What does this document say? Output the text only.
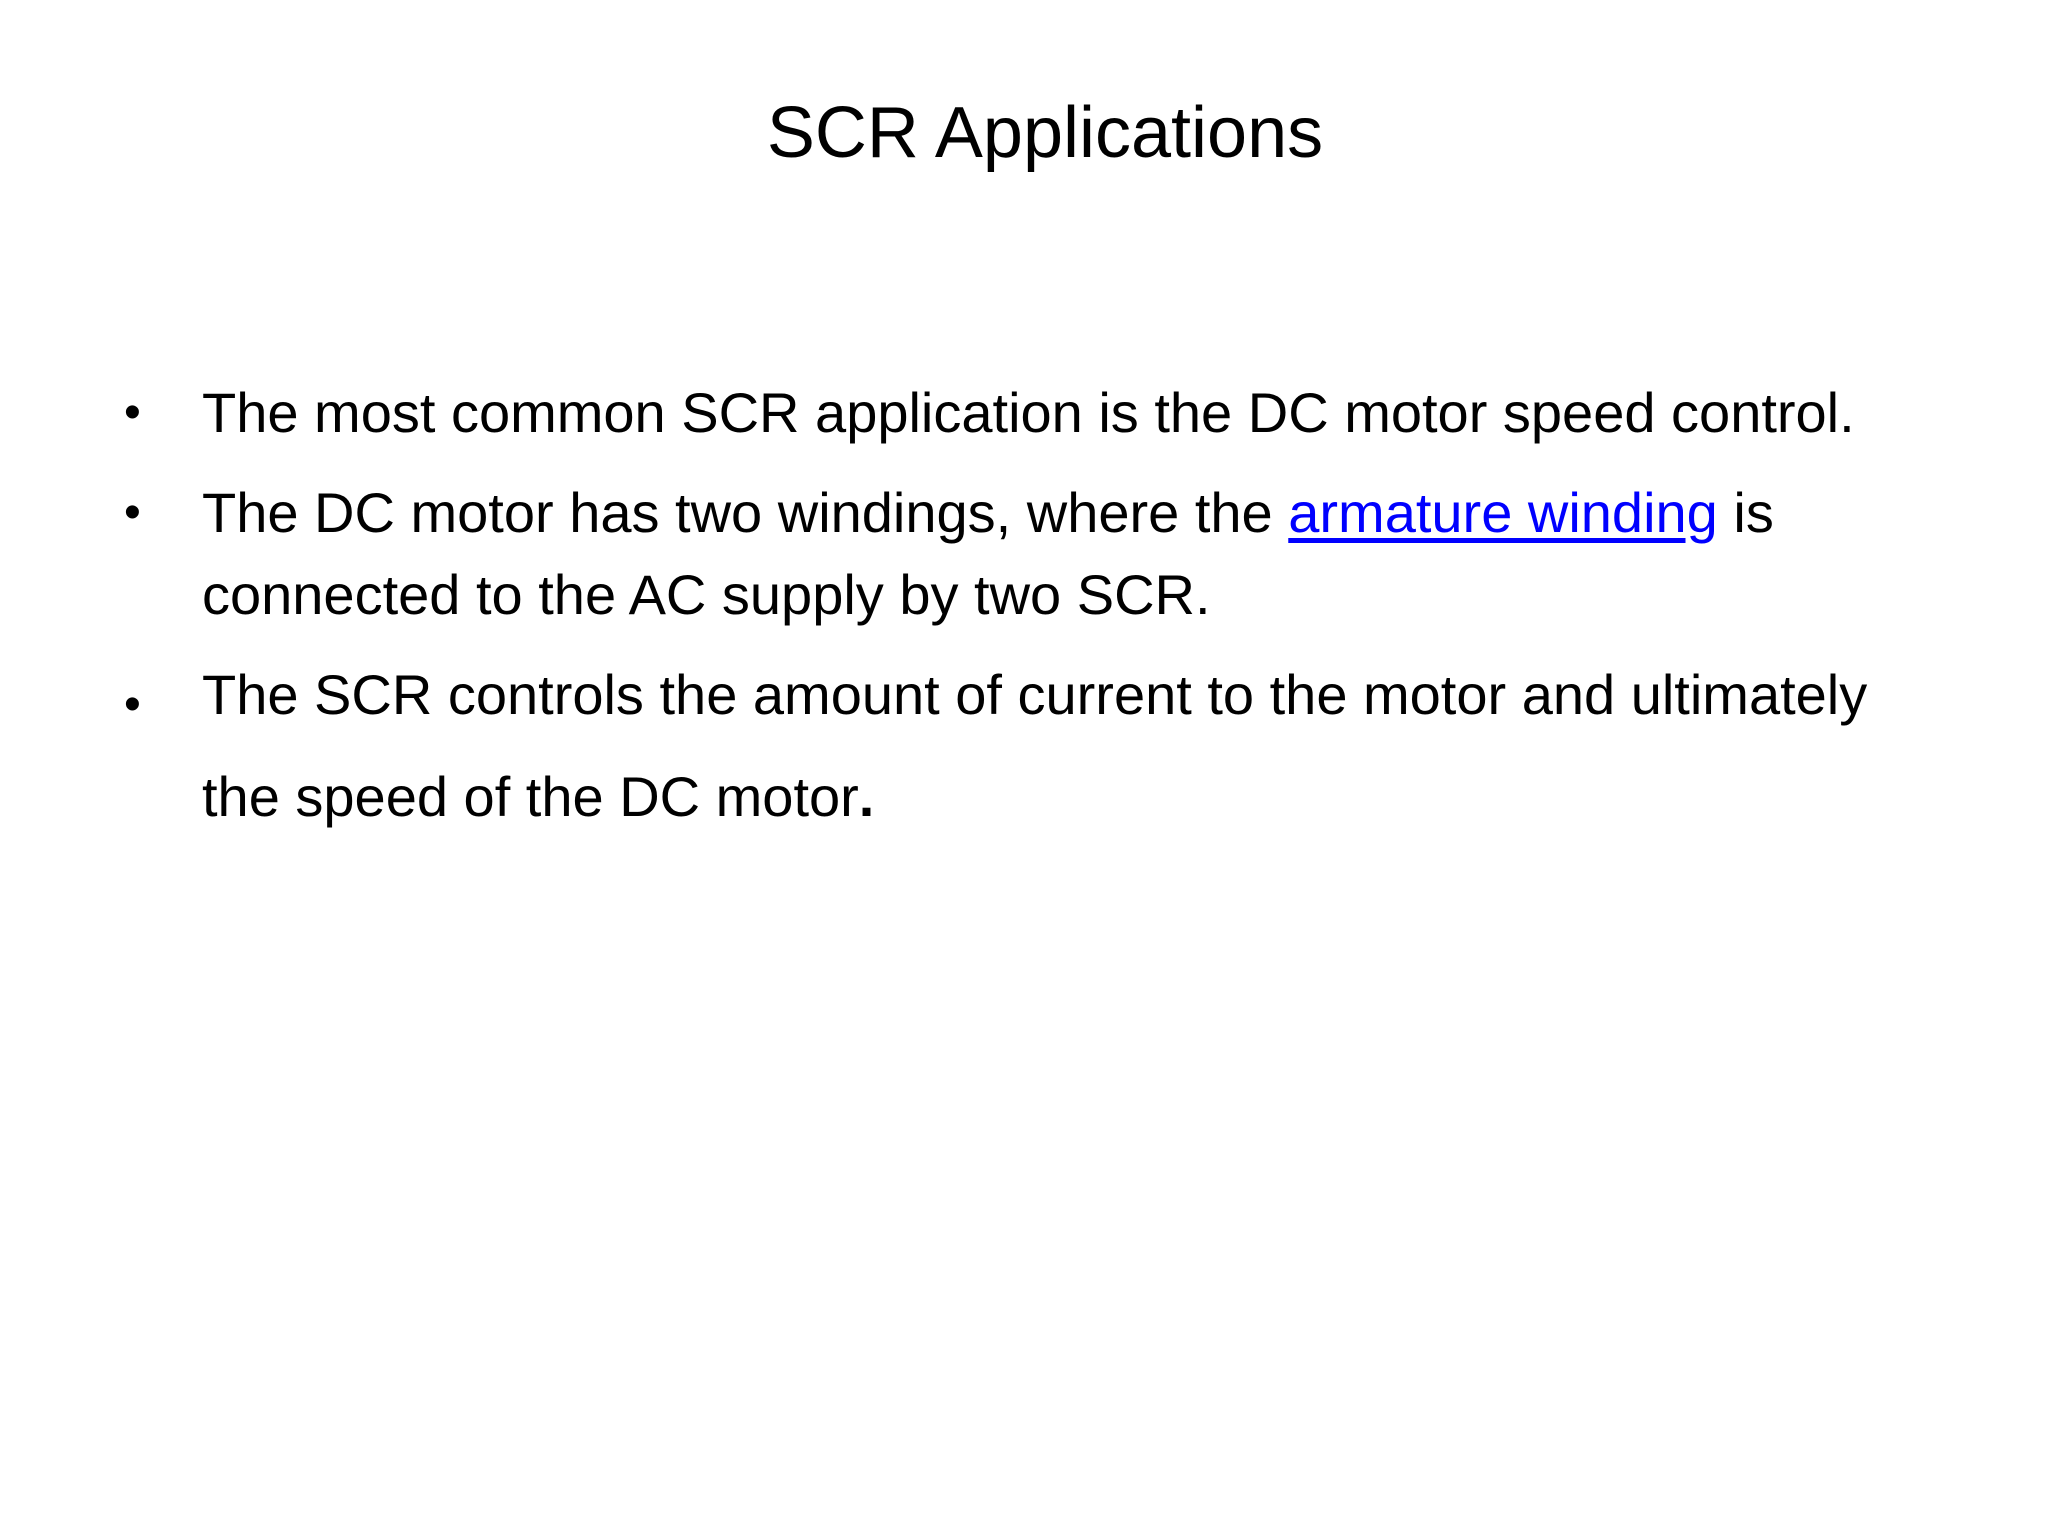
SCR Applications
• The most common SCR application is the DC motor speed control.
• The DC motor has two windings, where the armature winding is connected to the AC supply by two SCR.
• The SCR controls the amount of current to the motor and ultimately the speed of the DC motor.
